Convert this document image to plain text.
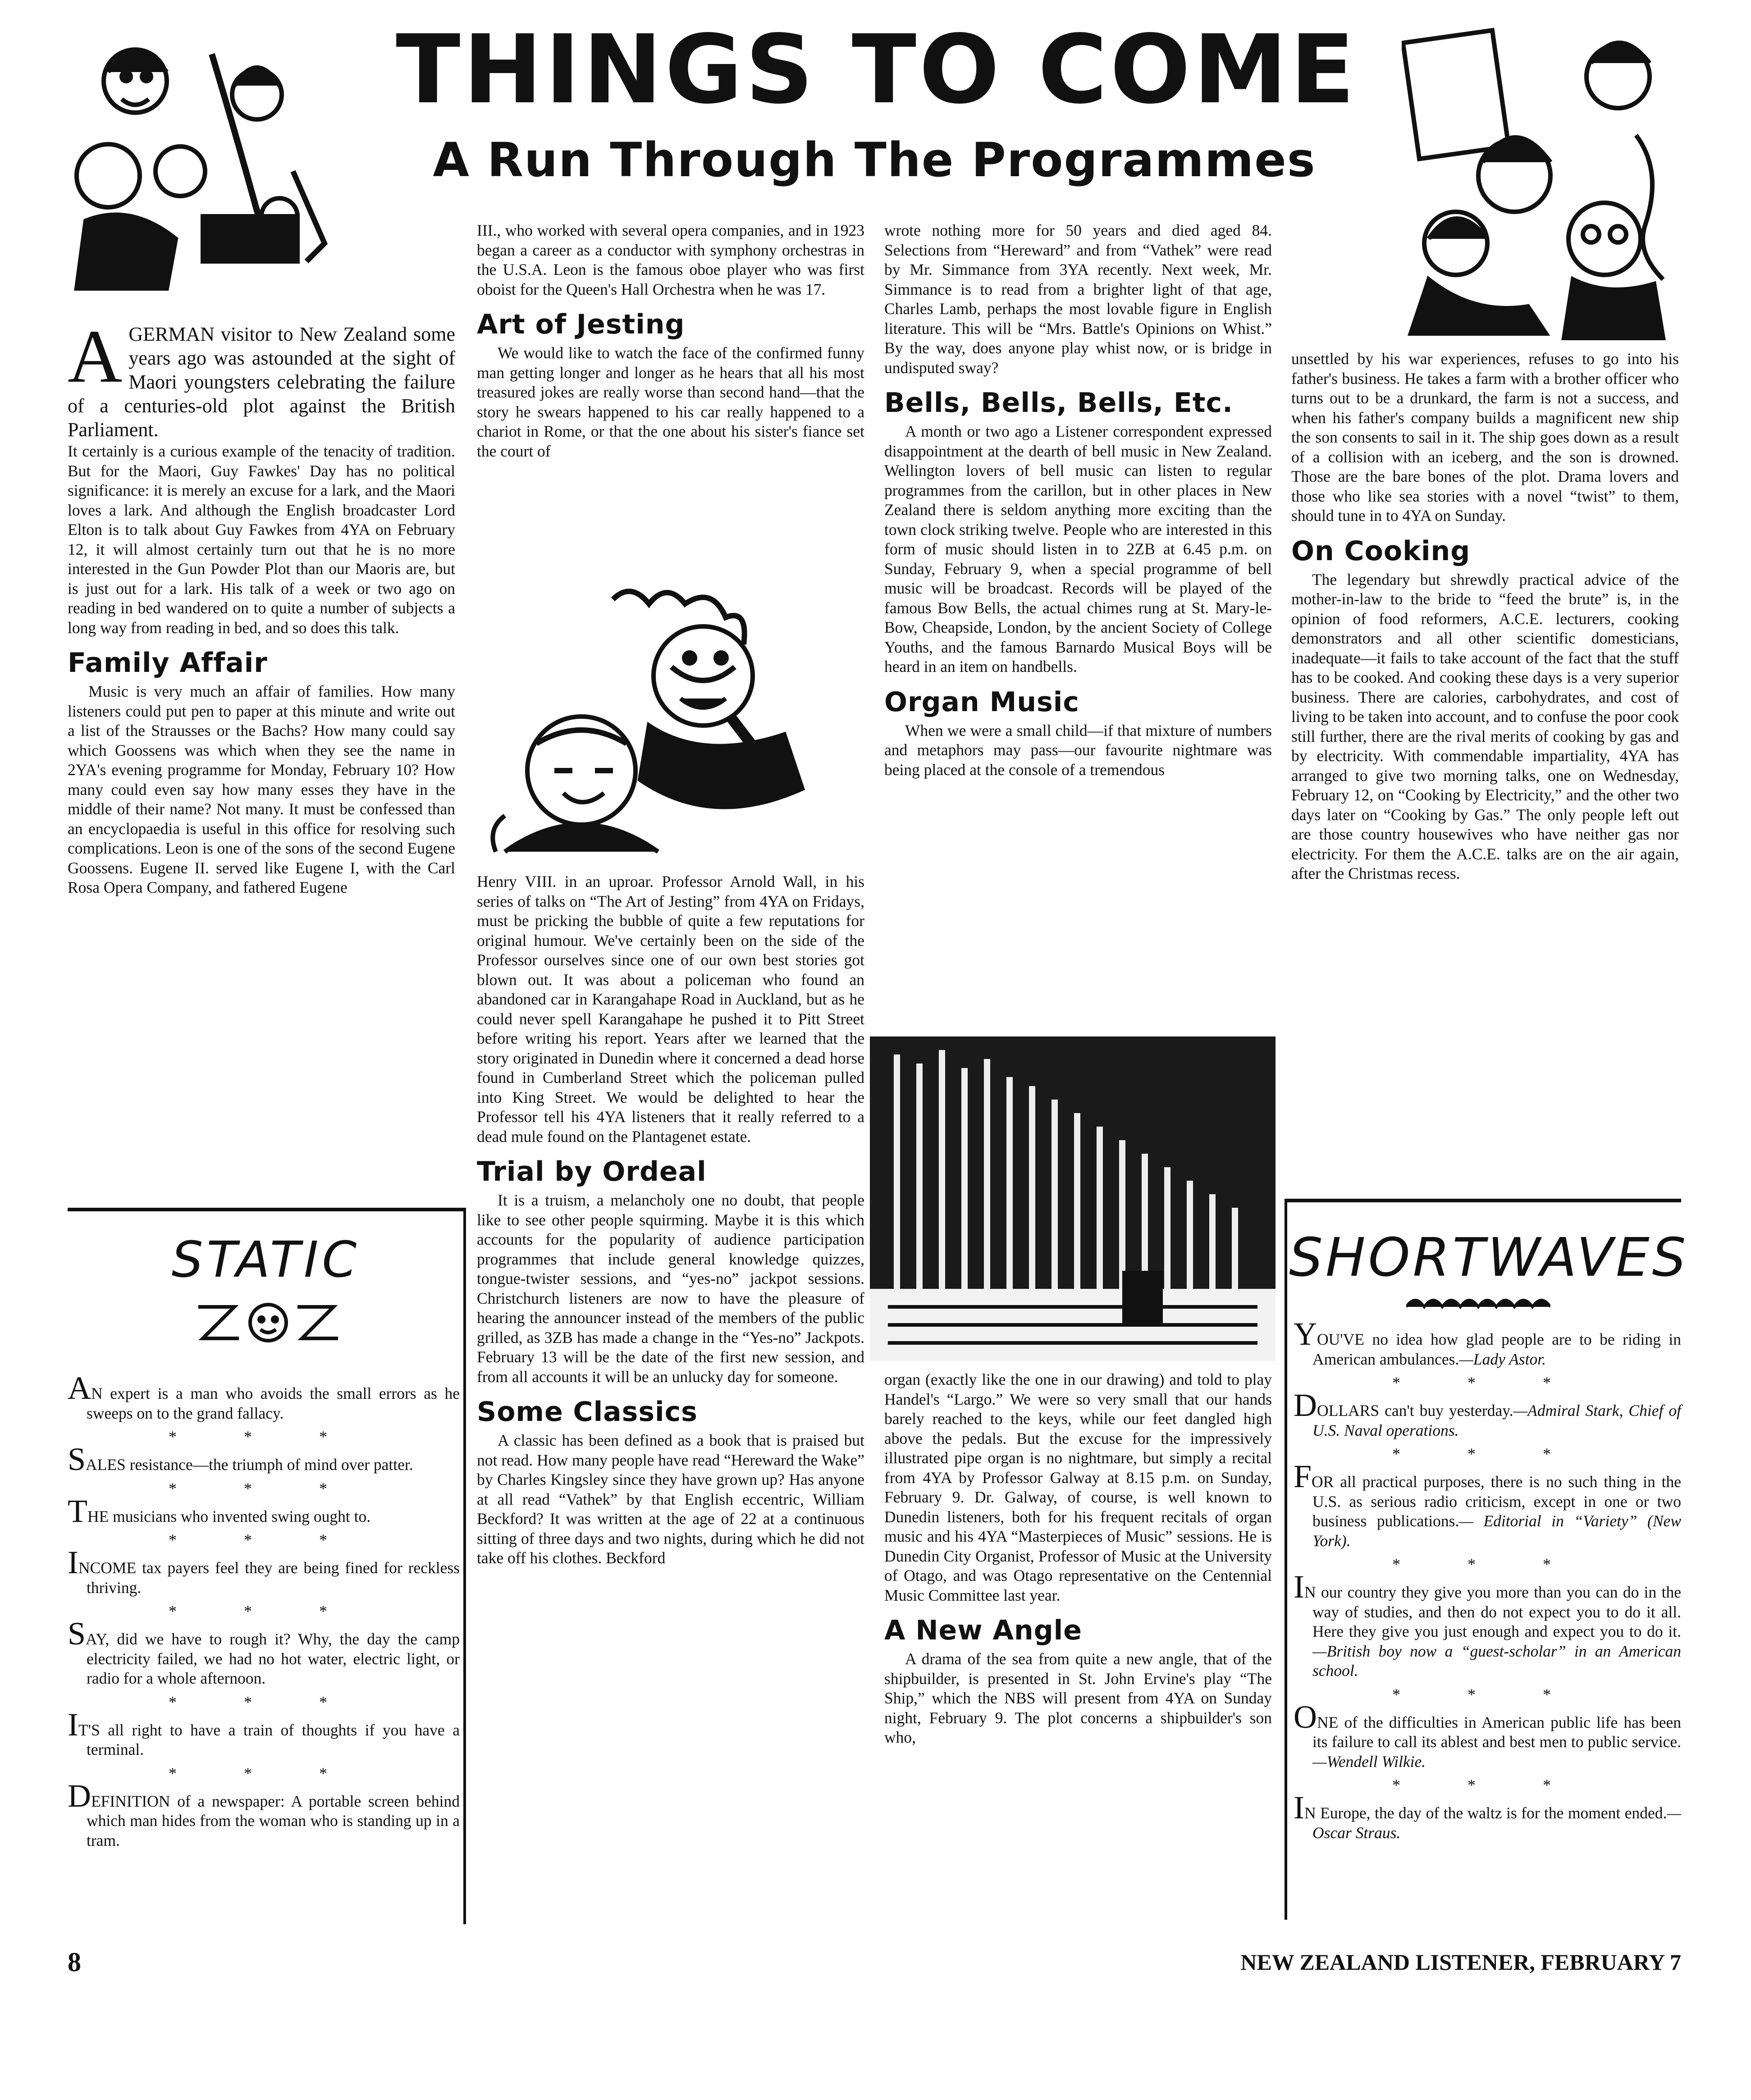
THINGS TO COME
A Run Through The Programmes

AGERMAN visitor to New Zealand some years ago was astounded at the sight of Maori youngsters celebrating the failure of a centuries-old plot against the British Parliament.

It certainly is a curious example of the tenacity of tradition. But for the Maori, Guy Fawkes' Day has no political significance: it is merely an excuse for a lark, and the Maori loves a lark. And although the English broadcaster Lord Elton is to talk about Guy Fawkes from 4YA on February 12, it will almost certainly turn out that he is no more interested in the Gun Powder Plot than our Maoris are, but is just out for a lark. His talk of a week or two ago on reading in bed wandered on to quite a number of subjects a long way from reading in bed, and so does this talk.

Family Affair

Music is very much an affair of families. How many listeners could put pen to paper at this minute and write out a list of the Strausses or the Bachs? How many could say which Goossens was which when they see the name in 2YA's evening programme for Monday, February 10? How many could even say how many esses they have in the middle of their name? Not many. It must be confessed than an encyclopaedia is useful in this office for resolving such complications. Leon is one of the sons of the second Eugene Goossens. Eugene II. served like Eugene I, with the Carl Rosa Opera Company, and fathered Eugene

III., who worked with several opera companies, and in 1923 began a career as a conductor with symphony orchestras in the U.S.A. Leon is the famous oboe player who was first oboist for the Queen's Hall Orchestra when he was 17.

Art of Jesting

We would like to watch the face of the confirmed funny man getting longer and longer as he hears that all his most treasured jokes are really worse than second hand—that the story he swears happened to his car really happened to a chariot in Rome, or that the one about his sister's fiance set the court of

Henry VIII. in an uproar. Professor Arnold Wall, in his series of talks on “The Art of Jesting” from 4YA on Fridays, must be pricking the bubble of quite a few reputations for original humour. We've certainly been on the side of the Professor ourselves since one of our own best stories got blown out. It was about a policeman who found an abandoned car in Karangahape Road in Auckland, but as he could never spell Karangahape he pushed it to Pitt Street before writing his report. Years after we learned that the story originated in Dunedin where it concerned a dead horse found in Cumberland Street which the policeman pulled into King Street. We would be delighted to hear the Professor tell his 4YA listeners that it really referred to a dead mule found on the Plantagenet estate.

Trial by Ordeal

It is a truism, a melancholy one no doubt, that people like to see other people squirming. Maybe it is this which accounts for the popularity of audience participation programmes that include general knowledge quizzes, tongue-twister sessions, and “yes-no” jackpot sessions. Christchurch listeners are now to have the pleasure of hearing the announcer instead of the members of the public grilled, as 3ZB has made a change in the “Yes-no” Jackpots. February 13 will be the date of the first new session, and from all accounts it will be an unlucky day for someone.

Some Classics

A classic has been defined as a book that is praised but not read. How many people have read “Hereward the Wake” by Charles Kingsley since they have grown up? Has anyone at all read “Vathek” by that English eccentric, William Beckford? It was written at the age of 22 at a continuous sitting of three days and two nights, during which he did not take off his clothes. Beckford

wrote nothing more for 50 years and died aged 84. Selections from “Hereward” and from “Vathek” were read by Mr. Simmance from 3YA recently. Next week, Mr. Simmance is to read from a brighter light of that age, Charles Lamb, perhaps the most lovable figure in English literature. This will be “Mrs. Battle's Opinions on Whist.” By the way, does anyone play whist now, or is bridge in undisputed sway?

Bells, Bells, Bells, Etc.

A month or two ago a Listener correspondent expressed disappointment at the dearth of bell music in New Zealand. Wellington lovers of bell music can listen to regular programmes from the carillon, but in other places in New Zealand there is seldom anything more exciting than the town clock striking twelve. People who are interested in this form of music should listen in to 2ZB at 6.45 p.m. on Sunday, February 9, when a special programme of bell music will be broadcast. Records will be played of the famous Bow Bells, the actual chimes rung at St. Mary-le-Bow, Cheapside, London, by the ancient Society of College Youths, and the famous Barnardo Musical Boys will be heard in an item on handbells.

Organ Music

When we were a small child—if that mixture of numbers and metaphors may pass—our favourite nightmare was being placed at the console of a tremendous

organ (exactly like the one in our drawing) and told to play Handel's “Largo.” We were so very small that our hands barely reached to the keys, while our feet dangled high above the pedals. But the excuse for the impressively illustrated pipe organ is no nightmare, but simply a recital from 4YA by Professor Galway at 8.15 p.m. on Sunday, February 9. Dr. Galway, of course, is well known to Dunedin listeners, both for his frequent recitals of organ music and his 4YA “Masterpieces of Music” sessions. He is Dunedin City Organist, Professor of Music at the University of Otago, and was Otago representative on the Centennial Music Committee last year.

A New Angle

A drama of the sea from quite a new angle, that of the shipbuilder, is presented in St. John Ervine's play “The Ship,” which the NBS will present from 4YA on Sunday night, February 9. The plot concerns a shipbuilder's son who,

unsettled by his war experiences, refuses to go into his father's business. He takes a farm with a brother officer who turns out to be a drunkard, the farm is not a success, and when his father's company builds a magnificent new ship the son consents to sail in it. The ship goes down as a result of a collision with an iceberg, and the son is drowned. Those are the bare bones of the plot. Drama lovers and those who like sea stories with a novel “twist” to them, should tune in to 4YA on Sunday.

On Cooking

The legendary but shrewdly practical advice of the mother-in-law to the bride to “feed the brute” is, in the opinion of food reformers, A.C.E. lecturers, cooking demonstrators and all other scientific domesticians, inadequate—it fails to take account of the fact that the stuff has to be cooked. And cooking these days is a very superior business. There are calories, carbohydrates, and cost of living to be taken into account, and to confuse the poor cook still further, there are the rival merits of cooking by gas and by electricity. With commendable impartiality, 4YA has arranged to give two morning talks, one on Wednesday, February 12, on “Cooking by Electricity,” and the other two days later on “Cooking by Gas.” The only people left out are those country housewives who have neither gas nor electricity. For them the A.C.E. talks are on the air again, after the Christmas recess.

STATIC
AN expert is a man who avoids the small errors as he sweeps on to the grand fallacy.
* * *
SALES resistance—the triumph of mind over patter.
* * *
THE musicians who invented swing ought to.
* * *
INCOME tax payers feel they are being fined for reckless thriving.
* * *
SAY, did we have to rough it? Why, the day the camp electricity failed, we had no hot water, electric light, or radio for a whole afternoon.
* * *
IT'S all right to have a train of thoughts if you have a terminal.
* * *
DEFINITION of a newspaper: A portable screen behind which man hides from the woman who is standing up in a tram.
SHORTWAVES
YOU'VE no idea how glad people are to be riding in American ambulances.—Lady Astor.
* * *
DOLLARS can't buy yesterday.—Admiral Stark, Chief of U.S. Naval operations.
* * *
FOR all practical purposes, there is no such thing in the U.S. as serious radio criticism, except in one or two business publications.— Editorial in “Variety” (New York).
* * *
IN our country they give you more than you can do in the way of studies, and then do not expect you to do it all. Here they give you just enough and expect you to do it.—British boy now a “guest-scholar” in an American school.
* * *
ONE of the difficulties in American public life has been its failure to call its ablest and best men to public service.—Wendell Wilkie.
* * *
IN Europe, the day of the waltz is for the moment ended.—Oscar Straus.
8	NEW ZEALAND LISTENER, FEBRUARY 7
